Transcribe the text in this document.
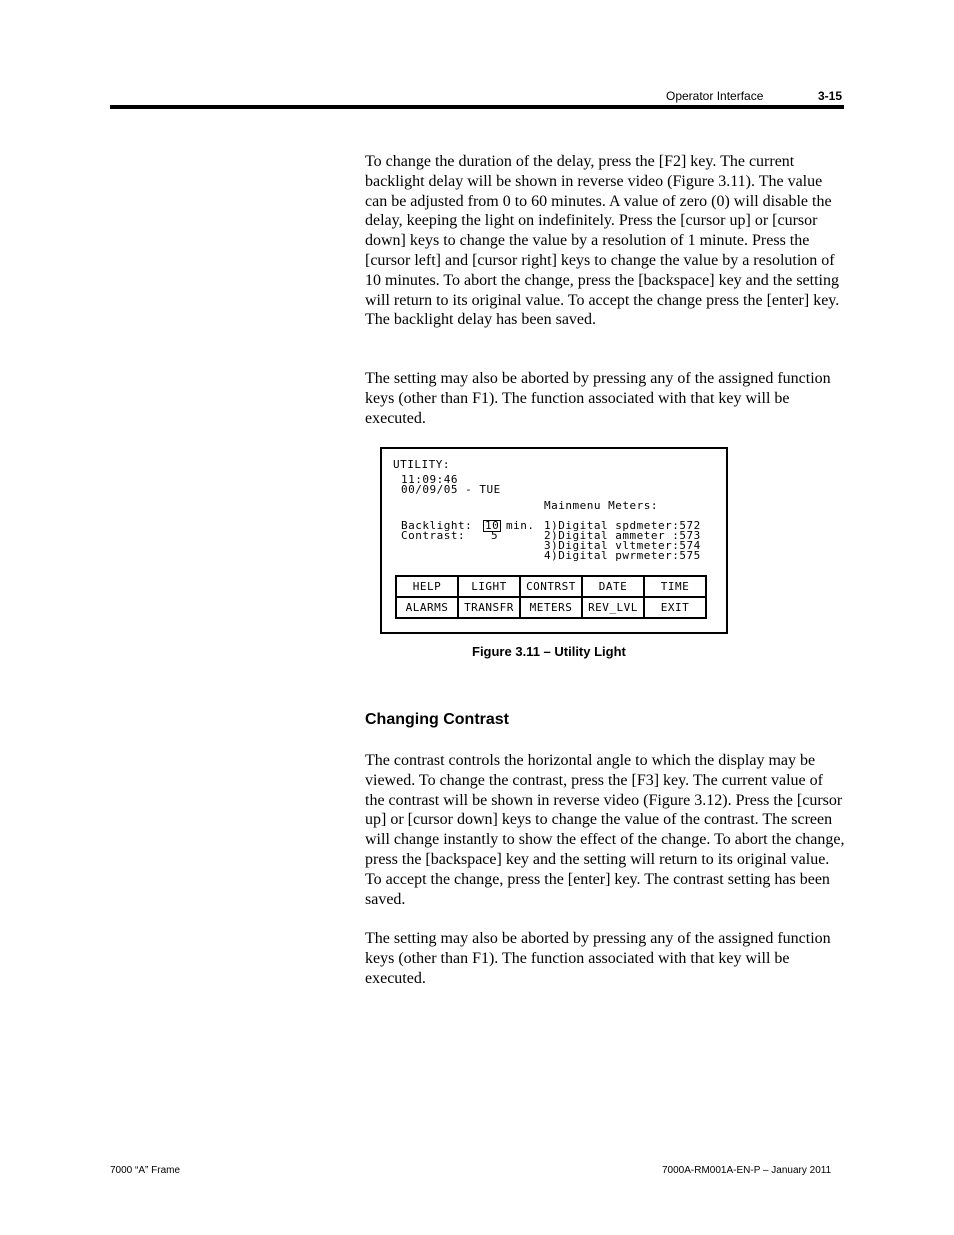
Operator Interface	3-15

To change the duration of the delay, press the [F2] key. The current backlight delay will be shown in reverse video (Figure 3.11). The value can be adjusted from 0 to 60 minutes. A value of zero (0) will disable the delay, keeping the light on indefinitely. Press the [cursor up] or [cursor down] keys to change the value by a resolution of 1 minute. Press the [cursor left] and [cursor right] keys to change the value by a resolution of 10 minutes. To abort the change, press the [backspace] key and the setting will return to its original value. To accept the change press the [enter] key. The backlight delay has been saved.

The setting may also be aborted by pressing any of the assigned function keys (other than F1). The function associated with that key will be executed.

UTILITY:
11:09:46
00/09/05 - TUE
Mainmenu Meters:
Backlight: 10 min.
Contrast: 5
1)Digital spdmeter:572
2)Digital ammeter :573
3)Digital vltmeter:574
4)Digital pwrmeter:575
HELP	LIGHT	CONTRST	DATE	TIME
ALARMS	TRANSFR	METERS	REV_LVL	EXIT
Figure 3.11 – Utility Light
Changing Contrast

The contrast controls the horizontal angle to which the display may be viewed. To change the contrast, press the [F3] key. The current value of the contrast will be shown in reverse video (Figure 3.12). Press the [cursor up] or [cursor down] keys to change the value of the contrast. The screen will change instantly to show the effect of the change. To abort the change, press the [backspace] key and the setting will return to its original value. To accept the change, press the [enter] key. The contrast setting has been saved.

The setting may also be aborted by pressing any of the assigned function keys (other than F1). The function associated with that key will be executed.

7000 “A” Frame	7000A-RM001A-EN-P – January 2011
